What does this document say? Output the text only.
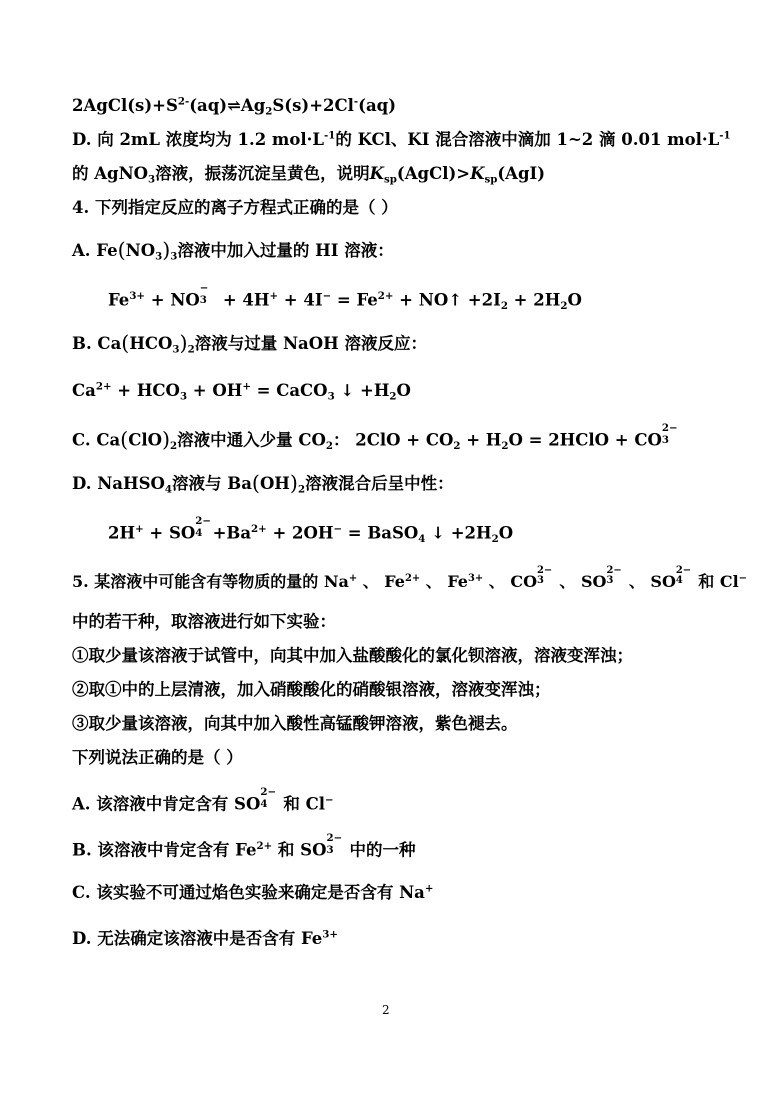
$2AgCl(s)+S^{2-}(aq)\rightleftharpoons Ag_2S(s)+2Cl^-(aq)$
D. 向 2mL 浓度均为 1.2 $mol\cdot L^{-1}$的 KCl、KI 混合溶液中滴加 1~2 滴 0.01 $mol\cdot L^{-1}$
的 AgNO$_3$溶液，振荡沉淀呈黄色，说明$K_{sp}(AgCl)>K_{sp}(AgI)$
4. 下列指定反应的离子方程式正确的是（ ）
A. $Fe(NO_3)_3$溶液中加入过量的 HI 溶液：
$Fe^{3+}$ + NO
−
$3 + 4H^+ + 4I^- = Fe^{2+}$ + NO↑ $+2I_2 + 2H_2O$
B. $Ca(HCO_3)_2$溶液与过量 NaOH 溶液反应：
$Ca^{2+} + HCO_3 + OH^+$ = CaCO$_3$ ↓ $+H_2O$
C. $Ca(ClO)_2$溶液中通入少量 $CO_2$： $2ClO + CO_2 + H_2O$ = 2HClO + CO
2−
3
D. NaHSO$_4$溶液与 $Ba(OH)_2$溶液混合后呈中性：
2H+ + SO
2−
$4 +Ba^{2+} + 2OH^-$ = BaSO$_4$ ↓ $+2H_2O$
5. 某溶液中可能含有等物质的量的 Na+ 、 $Fe^{2+}$ 、 $Fe^{3+}$ 、 CO
2−
3 、 SO
2−
3 、 SO
2−
4 和 Cl−
中的若干种，取溶液进行如下实验：
①取少量该溶液于试管中，向其中加入盐酸酸化的氯化钡溶液，溶液变浑浊；
②取①中的上层清液，加入硝酸酸化的硝酸银溶液，溶液变浑浊；
③取少量该溶液，向其中加入酸性高锰酸钾溶液，紫色褪去。
下列说法正确的是（ ）
A. 该溶液中肯定含有 SO
2−
4 和 Cl−
B. 该溶液中肯定含有 $Fe^{2+}$ 和 SO
2−
3 中的一种
C. 该实验不可通过焰色实验来确定是否含有 Na+
D. 无法确定该溶液中是否含有 $Fe^{3+}$
2
